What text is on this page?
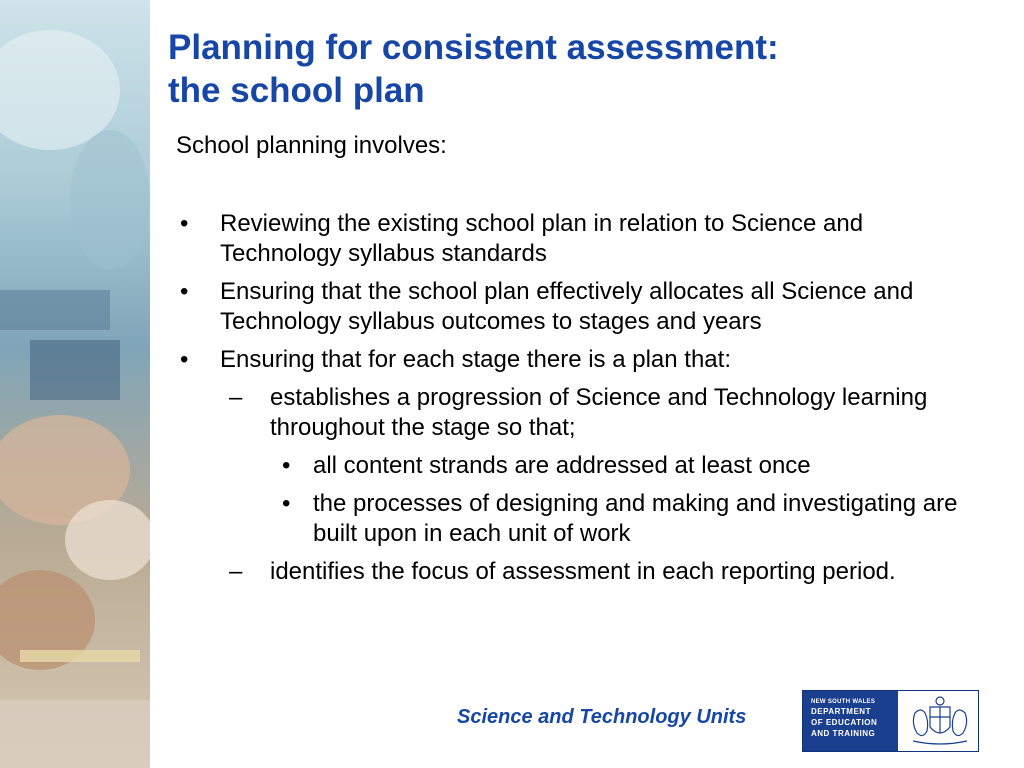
Planning for consistent assessment:
the school plan

School planning involves:

• Reviewing the existing school plan in relation to Science and Technology syllabus standards
• Ensuring that the school plan effectively allocates all Science and Technology syllabus outcomes to stages and years
• Ensuring that for each stage there is a plan that:
– establishes a progression of Science and Technology learning throughout the stage so that;
• all content strands are addressed at least once
• the processes of designing and making and investigating are built upon in each unit of work
– identifies the focus of assessment in each reporting period.
Science and Technology Units
NEW SOUTH WALES
DEPARTMENT
OF EDUCATION
AND TRAINING
